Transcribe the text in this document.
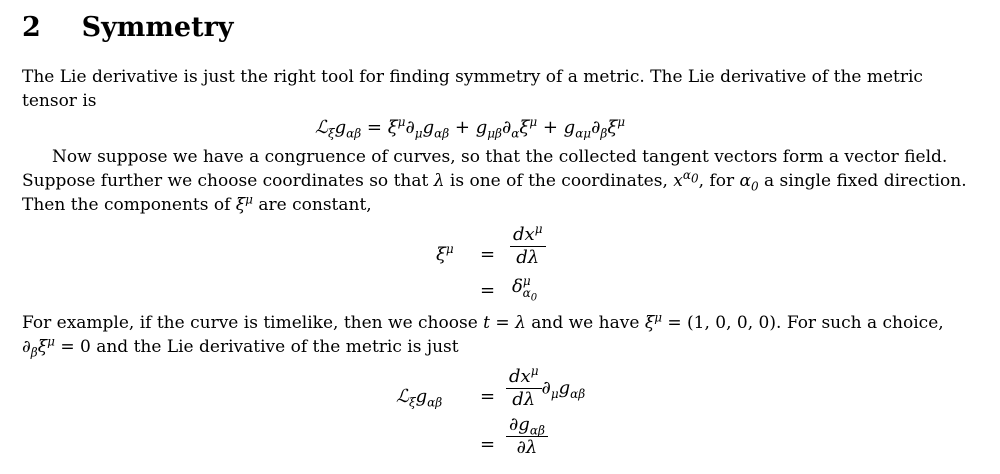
2 Symmetry
The Lie derivative is just the right tool for finding symmetry of a metric. The Lie derivative of the metric
tensor is
$ℒ_\xi g_{\alpha\beta} = \xi^\mu\partial_\mu g_{\alpha\beta} + g_{\mu\beta}\partial_\alpha\xi^\mu + g_{\alpha\mu}\partial_\beta\xi^\mu$
Now suppose we have a congruence of curves, so that the collected tangent vectors form a vector field.
Suppose further we choose coordinates so that λ is one of the coordinates, $x^{\alpha_0}$, for $\alpha_0$ a single fixed direction.
Then the components of $\xi^\mu$ are constant,
$\xi^\mu = \frac{dx^\mu}{d\lambda}$
= $\delta^\mu_{\alpha_0}$
For example, if the curve is timelike, then we choose t = λ and we have $\xi^\mu = (1$, 0, 0, 0). For such a choice,
$\partial_\beta\xi^\mu = 0$ and the Lie derivative of the metric is just
$ℒ_\xi g_{\alpha\beta} = \frac{dx^\mu}{d\lambda} \partial_\mu g_{\alpha\beta}$
= $\frac{\partial g_{\alpha\beta}}{\partial\lambda}$
